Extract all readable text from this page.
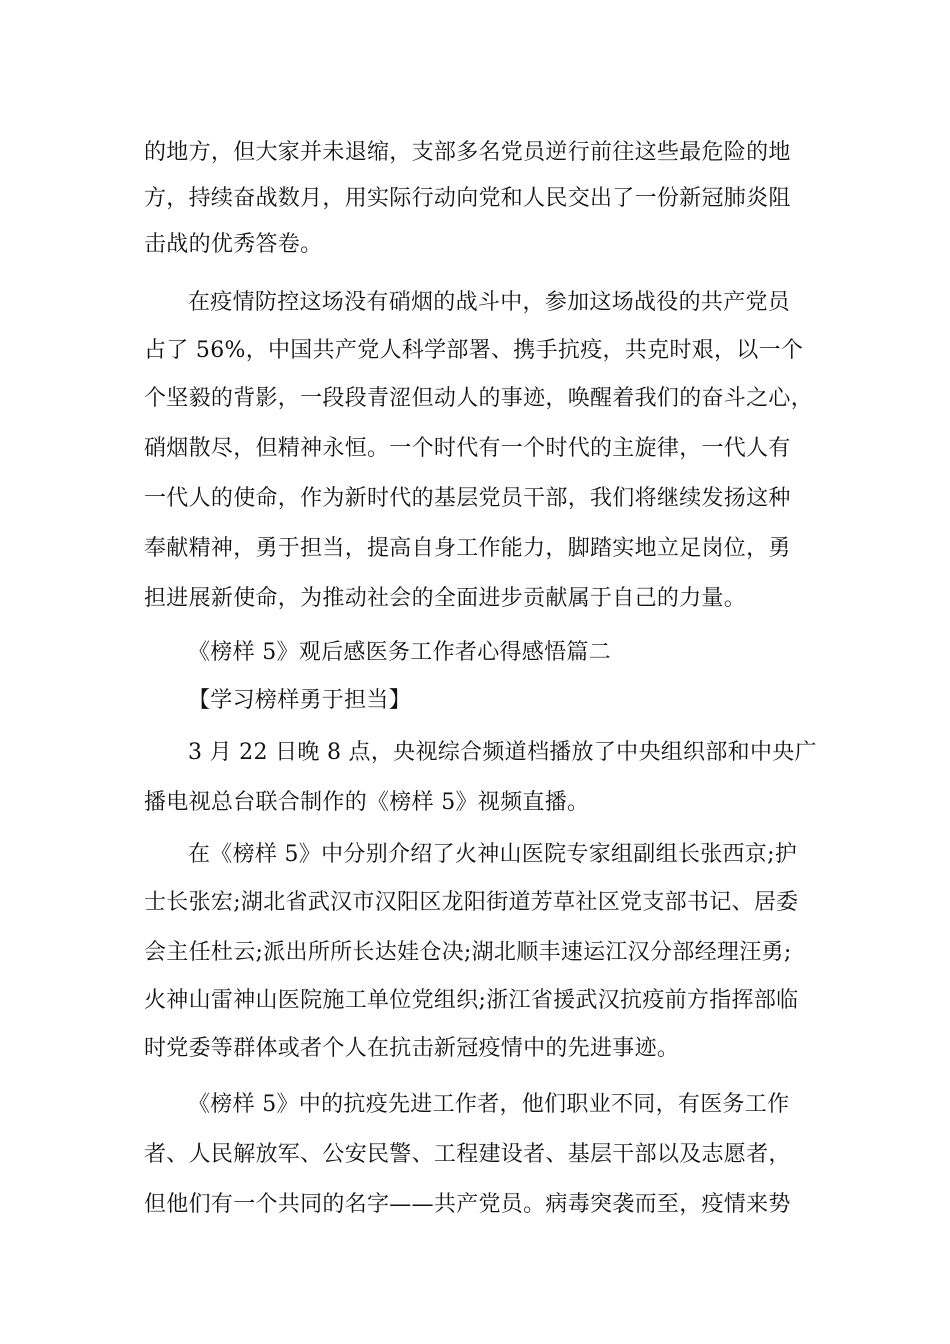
的地方，但大家并未退缩，支部多名党员逆行前往这些最危险的地
方，持续奋战数月，用实际行动向党和人民交出了一份新冠肺炎阻
击战的优秀答卷。
在疫情防控这场没有硝烟的战斗中，参加这场战役的共产党员
占了 56%，中国共产党人科学部署、携手抗疫，共克时艰，以一个
个坚毅的背影，一段段青涩但动人的事迹，唤醒着我们的奋斗之心，
硝烟散尽，但精神永恒。一个时代有一个时代的主旋律，一代人有
一代人的使命，作为新时代的基层党员干部，我们将继续发扬这种
奉献精神，勇于担当，提高自身工作能力，脚踏实地立足岗位，勇
担进展新使命，为推动社会的全面进步贡献属于自己的力量。
《榜样 5》观后感医务工作者心得感悟篇二
【学习榜样勇于担当】
3 月 22 日晚 8 点，央视综合频道档播放了中央组织部和中央广
播电视总台联合制作的《榜样 5》视频直播。
在《榜样 5》中分别介绍了火神山医院专家组副组长张西京;护
士长张宏;湖北省武汉市汉阳区龙阳街道芳草社区党支部书记、居委
会主任杜云;派出所所长达娃仓决;湖北顺丰速运江汉分部经理汪勇;
火神山雷神山医院施工单位党组织;浙江省援武汉抗疫前方指挥部临
时党委等群体或者个人在抗击新冠疫情中的先进事迹。
《榜样 5》中的抗疫先进工作者，他们职业不同，有医务工作
者、人民解放军、公安民警、工程建设者、基层干部以及志愿者，
但他们有一个共同的名字——共产党员。病毒突袭而至，疫情来势
